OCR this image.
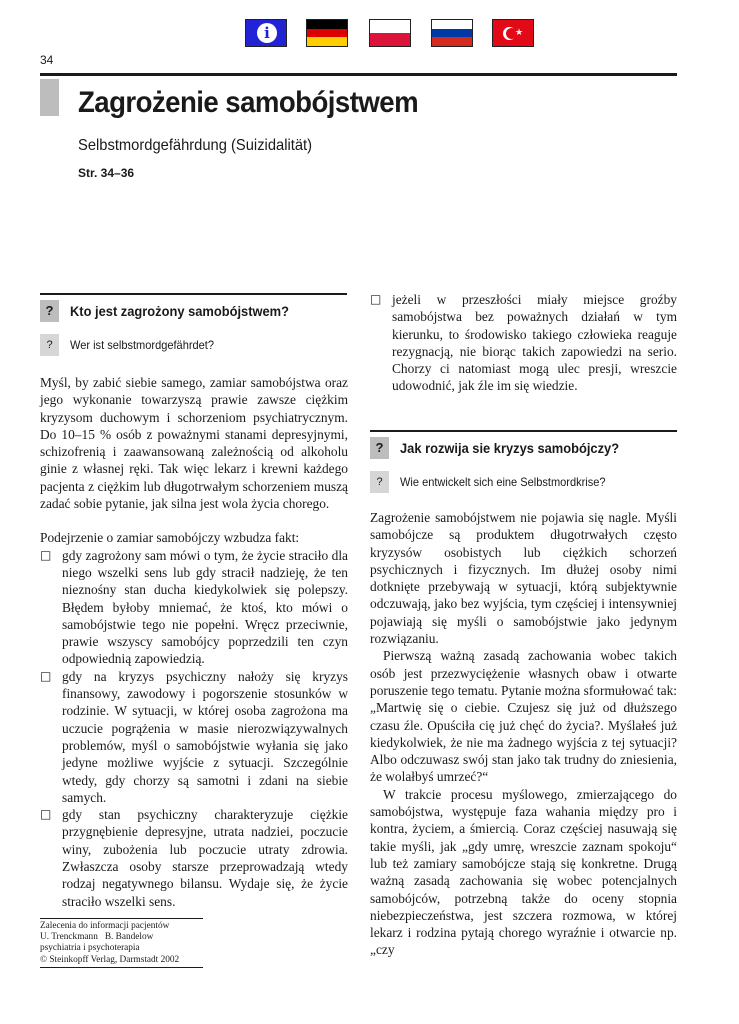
i	★
34
Zagrożenie samobójstwem
Selbstmordgefährdung (Suizidalität)
Str. 34–36
?	Kto jest zagrożony samobójstwem?
?	Wer ist selbstmordgefährdet?

Myśl, by zabić siebie samego, zamiar samobójstwa oraz jego wykonanie towarzyszą prawie zawsze ciężkim kryzysom duchowym i schorzeniom psychiatrycznym. Do 10–15 % osób z poważnymi stanami depresyjnymi, schizofrenią i zaawansowaną zależnością od alkoholu ginie z własnej ręki. Tak więc lekarz i krewni każdego pacjenta z ciężkim lub długotrwałym schorzeniem muszą zadać sobie pytanie, jak silna jest wola życia chorego.

Podejrzenie o zamiar samobójczy wzbudza fakt:

□ gdy zagrożony sam mówi o tym, że życie straciło dla niego wszelki sens lub gdy stracił nadzieję, że ten nieznośny stan ducha kiedykolwiek się polepszy. Błędem byłoby mniemać, że ktoś, kto mówi o samobójstwie tego nie popełni. Wręcz przeciwnie, prawie wszyscy samobójcy poprzedzili ten czyn odpowiednią zapowiedzią.
□ gdy na kryzys psychiczny nałoży się kryzys finansowy, zawodowy i pogorszenie stosunków w rodzinie. W sytuacji, w której osoba zagrożona ma uczucie pogrążenia w masie nierozwiązywalnych problemów, myśl o samobójstwie wyłania się jako jedyne możliwe wyjście z sytuacji. Szczególnie wtedy, gdy chorzy są samotni i zdani na siebie samych.
□ gdy stan psychiczny charakteryzuje ciężkie przygnębienie depresyjne, utrata nadziei, poczucie winy, zubożenia lub poczucie utraty zdrowia. Zwłaszcza osoby starsze przeprowadzają wtedy rodzaj negatywnego bilansu. Wydaje się, że życie straciło wszelki sens.
□ jeżeli w przeszłości miały miejsce groźby samobójstwa bez poważnych działań w tym kierunku, to środowisko takiego człowieka reaguje rezygnacją, nie biorąc takich zapowiedzi na serio. Chorzy ci natomiast mogą ulec presji, wreszcie udowodnić, jak źle im się wiedzie.
?	Jak rozwija sie kryzys samobójczy?
?	Wie entwickelt sich eine Selbstmordkrise?

Zagrożenie samobójstwem nie pojawia się nagle. Myśli samobójcze są produktem długotrwałych często kryzysów osobistych lub ciężkich schorzeń psychicznych i fizycznych. Im dłużej osoby nimi dotknięte przebywają w sytuacji, którą subjektywnie odczuwają, jako bez wyjścia, tym częściej i intensywniej pojawiają się myśli o samobójstwie jako jedynym rozwiązaniu.

Pierwszą ważną zasadą zachowania wobec takich osób jest przezwyciężenie własnych obaw i otwarte poruszenie tego tematu. Pytanie można sformułować tak: „Martwię się o ciebie. Czujesz się już od dłuższego czasu źle. Opuściła cię już chęć do życia?. Myślałeś już kiedykolwiek, że nie ma żadnego wyjścia z tej sytuacji? Albo odczuwasz swój stan jako tak trudny do zniesienia, że wolałbyś umrzeć?“

W trakcie procesu myślowego, zmierzającego do samobójstwa, występuje faza wahania między pro i kontra, życiem, a śmiercią. Coraz częściej nasuwają się takie myśli, jak „gdy umrę, wreszcie zaznam spokoju“ lub też zamiary samobójcze stają się konkretne. Drugą ważną zasadą zachowania się wobec potencjalnych samobójców, potrzebną także do oceny stopnia niebezpieczeństwa, jest szczera rozmowa, w której lekarz i rodzina pytają chorego wyraźnie i otwarcie np. „czy

Zalecenia do informacji pacjentów
U. Trenckmann   B. Bandelow
psychiatria i psychoterapia
© Steinkopff Verlag, Darmstadt 2002
